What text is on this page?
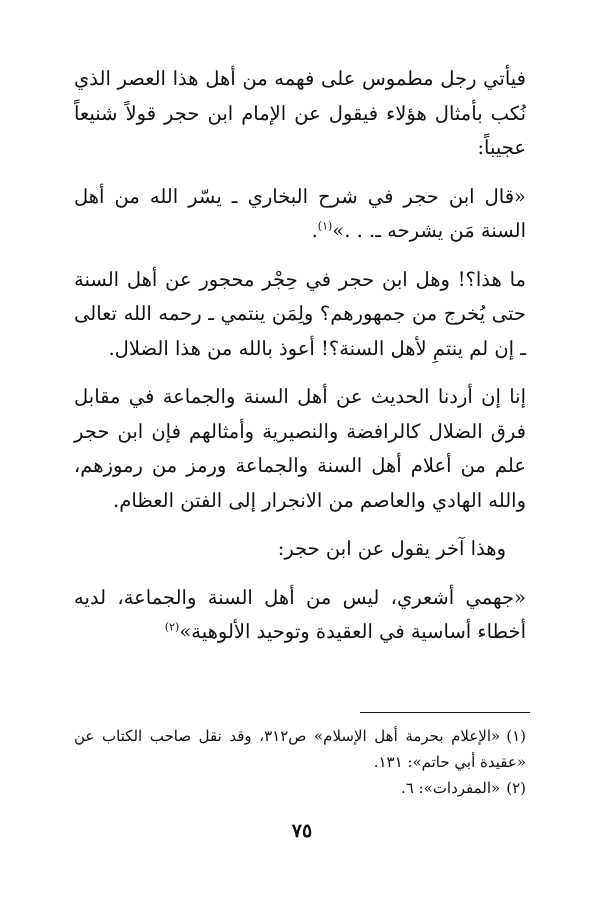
فيأتي رجل مطموس على فهمه من أهل هذا العصر الذي نُكب بأمثال هؤلاء فيقول عن الإمام ابن حجر قولاً شنيعاً عجيباً:

«قال ابن حجر في شرح البخاري ـ يسّر الله من أهل السنة مَن يشرحه ـ. . .»$^{(١)}$.

ما هذا؟! وهل ابن حجر في حِجْر محجور عن أهل السنة حتى يُخرج من جمهورهم؟ ولِمَن ينتمي ـ رحمه الله تعالى ـ إن لم ينتمِ لأهل السنة؟! أعوذ بالله من هذا الضلال.

إنا إن أردنا الحديث عن أهل السنة والجماعة في مقابل فرق الضلال كالرافضة والنصيرية وأمثالهم فإن ابن حجر علم من أعلام أهل السنة والجماعة ورمز من رموزهم، والله الهادي والعاصم من الانجرار إلى الفتن العظام.

وهذا آخر يقول عن ابن حجر:

«جهمي أشعري، ليس من أهل السنة والجماعة، لديه أخطاء أساسية في العقيدة وتوحيد الألوهية»$^{(٢)}$

(١)«الإعلام بحرمة أهل الإسلام» ص٣١٢، وقد نقل صاحب الكتاب عن «عقيدة أبي حاتم»: ١٣١.

(٢)«المفردات»: ٦.

٧٥
